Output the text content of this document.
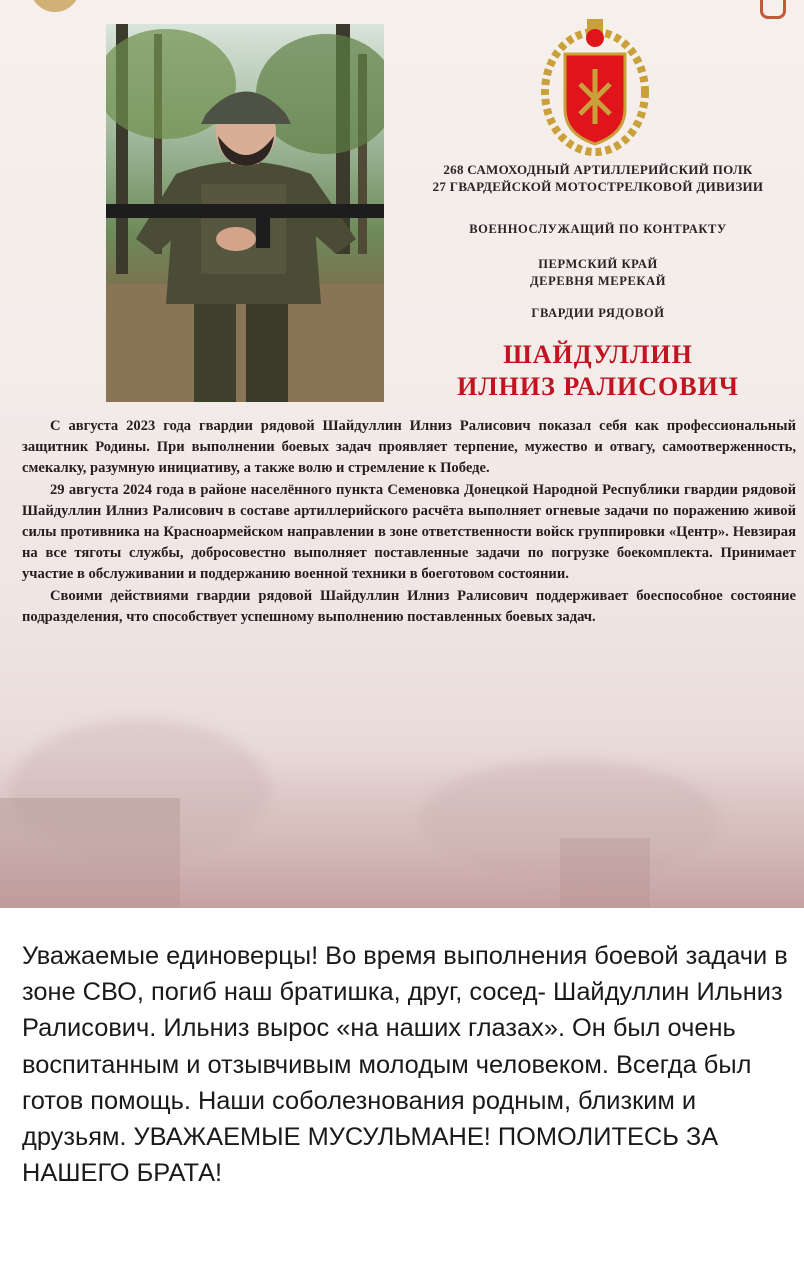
268 САМОХОДНЫЙ АРТИЛЛЕРИЙСКИЙ ПОЛК
27 ГВАРДЕЙСКОЙ МОТОСТРЕЛКОВОЙ ДИВИЗИИ
ВОЕННОСЛУЖАЩИЙ ПО КОНТРАКТУ
ПЕРМСКИЙ КРАЙ
ДЕРЕВНЯ МЕРЕКАЙ
ГВАРДИИ РЯДОВОЙ
ШАЙДУЛЛИН
ИЛНИЗ РАЛИСОВИЧ

С августа 2023 года гвардии рядовой Шайдуллин Илниз Ралисович показал себя как профессиональный защитник Родины. При выполнении боевых задач проявляет терпение, мужество и отвагу, самоотверженность, смекалку, разумную инициативу, а также волю и стремление к Победе.

29 августа 2024 года в районе населённого пункта Семеновка Донецкой Народной Республики гвардии рядовой Шайдуллин Илниз Ралисович в составе артиллерийского расчёта выполняет огневые задачи по поражению живой силы противника на Красноармейском направлении в зоне ответственности войск группировки «Центр». Невзирая на все тяготы службы, добросовестно выполняет поставленные задачи по погрузке боекомплекта. Принимает участие в обслуживании и поддержанию военной техники в боеготовом состоянии.

Своими действиями гвардии рядовой Шайдуллин Илниз Ралисович поддерживает боеспособное состояние подразделения, что способствует успешному выполнению поставленных боевых задач.

Уважаемые единоверцы! Во время выполнения боевой задачи в зоне СВО, погиб наш братишка, друг, сосед- Шайдуллин Ильниз Ралисович. Ильниз вырос «на наших глазах». Он был очень воспитанным и отзывчивым молодым человеком. Всегда был готов помощь. Наши соболезнования родным, близким и друзьям. УВАЖАЕМЫЕ МУСУЛЬМАНЕ! ПОМОЛИТЕСЬ ЗА НАШЕГО БРАТА!
